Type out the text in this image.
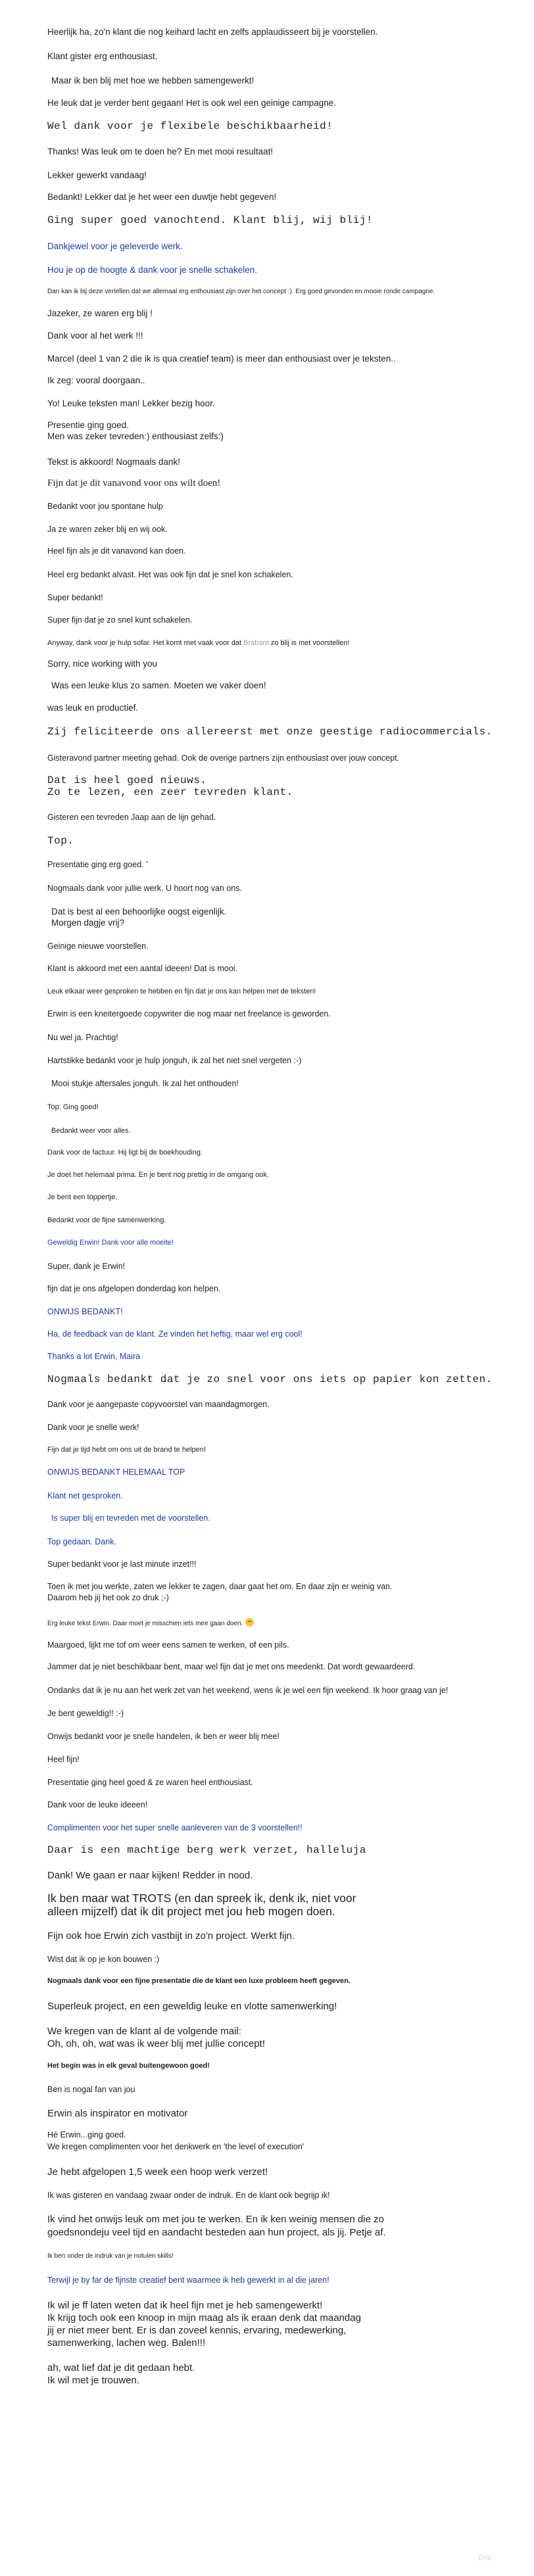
Heerlijk ha, zo'n klant die nog keihard lacht en zelfs applaudisseert bij je voorstellen.

Klant gister erg enthousiast.

Maar ik ben blij met hoe we hebben samengewerkt!

He leuk dat je verder bent gegaan! Het is ook wel een geinige campagne.

Wel dank voor je flexibele beschikbaarheid!

Thanks! Was leuk om te doen he? En met mooi resultaat!

Lekker gewerkt vandaag!

Bedankt! Lekker dat je het weer een duwtje hebt gegeven!

Ging super goed vanochtend. Klant blij, wij blij!

Dankjewel voor je geleverde werk.

Hou je op de hoogte & dank voor je snelle schakelen.

Dan kan ik bij deze vertellen dat we allemaal erg enthousiast zijn over het concept :). Erg goed gevonden en mooie ronde campagne.

Jazeker, ze waren erg blij !

Dank voor al het werk !!!

Marcel (deel 1 van 2 die ik is qua creatief team) is meer dan enthousiast over je teksten..

Ik zeg: vooral doorgaan..

Yo! Leuke teksten man! Lekker bezig hoor.

Presentie ging goed.

Men was zeker tevreden:) enthousiast zelfs:)

Tekst is akkoord! Nogmaals dank!

Fijn dat je dit vanavond voor ons wilt doen!

Bedankt voor jou spontane hulp

Ja ze waren zeker blij en wij ook.

Heel fijn als je dit vanavond kan doen.

Heel erg bedankt alvast. Het was ook fijn dat je snel kon schakelen.

Super bedankt!

Super fijn dat je zo snel kunt schakelen.

Anyway, dank voor je hulp sofar. Het komt met vaak voor dat Brabant zo blij is met voorstellen!

Sorry, nice working with you

Was een leuke klus zo samen. Moeten we vaker doen!

was leuk en productief.

Zij feliciteerde ons allereerst met onze geestige radiocommercials.

Gisteravond partner meeting gehad. Ook de overige partners zijn enthousiast over jouw concept.

Dat is heel goed nieuws.

Zo te lezen, een zeer tevreden klant.

Gisteren een tevreden Jaap aan de lijn gehad.

Top.

Presentatie ging erg goed. '

Nogmaals dank voor jullie werk. U hoort nog van ons.

Dat is best al een behoorlijke oogst eigenlijk.

Morgen dagje vrij?

Geinige nieuwe voorstellen.

Klant is akkoord met een aantal ideeen! Dat is mooi.

Leuk elkaar weer gesproken te hebben en fijn dat je ons kan helpen met de teksten!

Erwin is een kneitergoede copywriter die nog maar net freelance is geworden.

Nu wel ja. Prachtig!

Hartstikke bedankt voor je hulp jonguh, ik zal het niet snel vergeten :-)

Mooi stukje aftersales jonguh. Ik zal het onthouden!

Top. Ging goed!

Bedankt weer voor alles.

Dank voor de factuur. Hij ligt bij de boekhouding.

Je doet het helemaal prima. En je bent nog prettig in de omgang ook.

Je bent een toppertje.

Bedankt voor de fijne samenwerking.

Geweldig Erwin! Dank voor alle moeite!

Super, dank je Erwin!

fijn dat je ons afgelopen donderdag kon helpen.

ONWIJS BEDANKT!

Ha, de feedback van de klant. Ze vinden het heftig, maar wel erg cool!

Thanks a lot Erwin, Maira

Nogmaals bedankt dat je zo snel voor ons iets op papier kon zetten.

Dank voor je aangepaste copyvoorstel van maandagmorgen.

Dank voor je snelle werk!

Fijn dat je tijd hebt om ons uit de brand te helpen!

ONWIJS BEDANKT HELEMAAL TOP

Klant net gesproken.

Is super blij en tevreden met de voorstellen.

Top gedaan. Dank.

Super bedankt voor je last minute inzet!!!

Toen ik met jou werkte, zaten we lekker te zagen, daar gaat het om. En daar zijn er weinig van.

Daarom heb jij het ook zo druk ;-)

Erg leuke tekst Erwin. Daar moet je misschien iets mee gaan doen.

Maargoed, lijkt me tof om weer eens samen te werken, of een pils.

Jammer dat je niet beschikbaar bent, maar wel fijn dat je met ons meedenkt. Dat wordt gewaardeerd.

Ondanks dat ik je nu aan het werk zet van het weekend, wens ik je wel een fijn weekend. Ik hoor graag van je!

Je bent geweldig!! :-)

Onwijs bedankt voor je snelle handelen, ik ben er weer blij mee!

Heel fijn!

Presentatie ging heel goed & ze waren heel enthousiast.

Dank voor de leuke ideeen!

Complimenten voor het super snelle aanleveren van de 3 voorstellen!!

Daar is een machtige berg werk verzet, halleluja

Dank! We gaan er naar kijken! Redder in nood.

Ik ben maar wat TROTS (en dan spreek ik, denk ik, niet voor

alleen mijzelf) dat ik dit project met jou heb mogen doen.

Fijn ook hoe Erwin zich vastbijt in zo'n project. Werkt fijn.

Wist dat ik op je kon bouwen :)

Nogmaals dank voor een fijne presentatie die de klant een luxe probleem heeft gegeven.

Superleuk project, en een geweldig leuke en vlotte samenwerking!

We kregen van de klant al de volgende mail:

Oh, oh, oh, wat was ik weer blij met jullie concept!

Het begin was in elk geval buitengewoon goed!

Ben is nogal fan van jou

Erwin als inspirator en motivator

Hé Erwin...ging goed.

We kregen complimenten voor het denkwerk en 'the level of execution'

Je hebt afgelopen 1,5 week een hoop werk verzet!

Ik was gisteren en vandaag zwaar onder de indruk. En de klant ook begrijp ik!

Ik vind het onwijs leuk om met jou te werken. En ik ken weinig mensen die zo

goedsnondeju veel tijd en aandacht besteden aan hun project, als jij. Petje af.

Ik ben onder de indruk van je notulen skills!

Terwijl je by far de fijnste creatief bent waarmee ik heb gewerkt in al die jaren!

Ik wil je ff laten weten dat ik heel fijn met je heb samengewerkt!

Ik krijg toch ook een knoop in mijn maag als ik eraan denk dat maandag

jij er niet meer bent. Er is dan zoveel kennis, ervaring, medewerking,

samenwerking, lachen weg. Balen!!!

ah, wat lief dat je dit gedaan hebt.

Ik wil met je trouwen.

Erik
